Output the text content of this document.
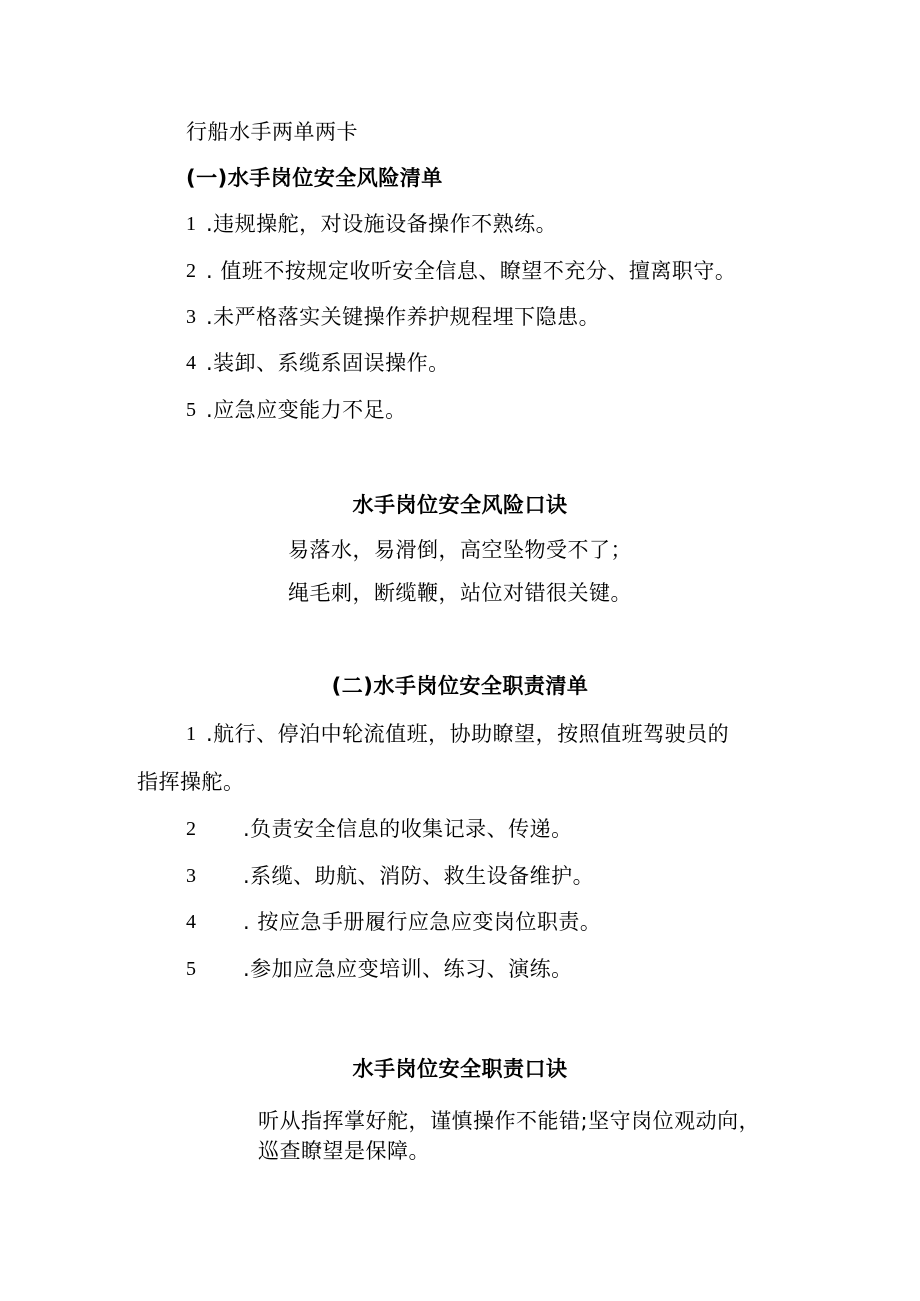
行船水手两单两卡
(一)水手岗位安全风险清单
1 .违规操舵，对设施设备操作不熟练。
2 . 值班不按规定收听安全信息、瞭望不充分、擅离职守。
3 .未严格落实关键操作养护规程埋下隐患。
4 .装卸、系缆系固误操作。
5 .应急应变能力不足。
水手岗位安全风险口诀
易落水，易滑倒，高空坠物受不了；
绳毛刺，断缆鞭，站位对错很关键。
(二)水手岗位安全职责清单
1 .航行、停泊中轮流值班，协助瞭望，按照值班驾驶员的
指挥操舵。
2 .负责安全信息的收集记录、传递。
3 .系缆、助航、消防、救生设备维护。
4 . 按应急手册履行应急应变岗位职责。
5 .参加应急应变培训、练习、演练。
水手岗位安全职责口诀
听从指挥掌好舵，谨慎操作不能错;坚守岗位观动向，巡查瞭望是保障。
